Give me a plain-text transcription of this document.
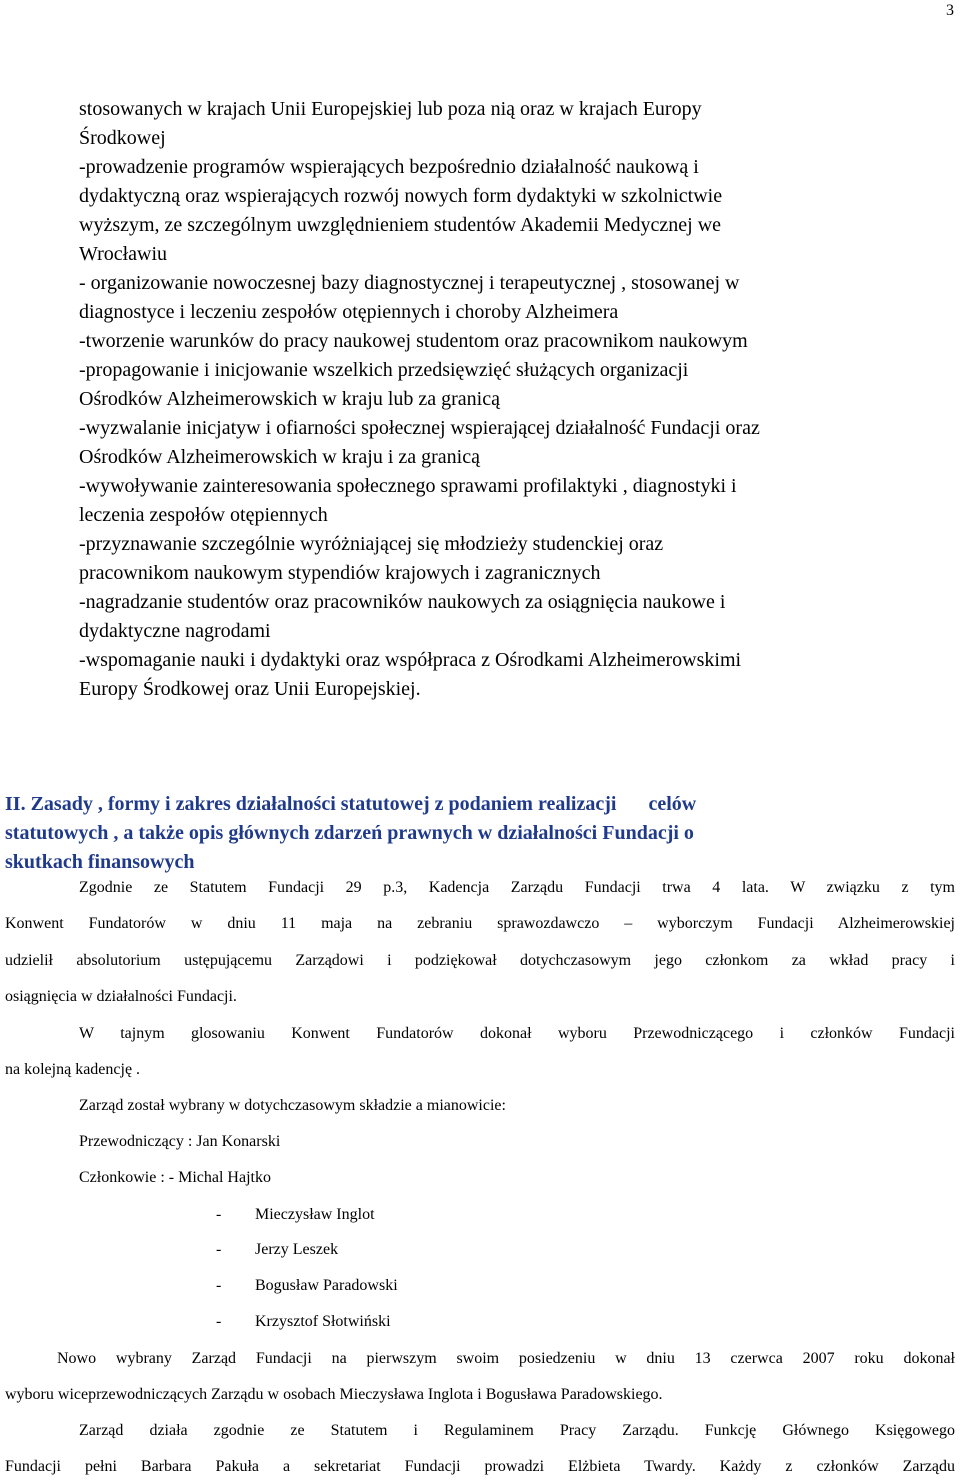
3
stosowanych w krajach Unii Europejskiej lub poza nią oraz w krajach Europy
Środkowej
-prowadzenie programów wspierających bezpośrednio działalność naukową i
dydaktyczną oraz wspierających rozwój nowych form dydaktyki w szkolnictwie
wyższym, ze szczególnym uwzględnieniem studentów Akademii Medycznej we
Wrocławiu
- organizowanie nowoczesnej bazy diagnostycznej i terapeutycznej , stosowanej w
diagnostyce i leczeniu zespołów otępiennych i choroby Alzheimera
-tworzenie warunków do pracy naukowej studentom oraz pracownikom naukowym
-propagowanie i inicjowanie wszelkich przedsięwzięć służących organizacji
Ośrodków Alzheimerowskich w kraju lub za granicą
-wyzwalanie inicjatyw i ofiarności społecznej wspierającej działalność Fundacji oraz
Ośrodków Alzheimerowskich w kraju i za granicą
-wywoływanie zainteresowania społecznego sprawami profilaktyki , diagnostyki i
leczenia zespołów otępiennych
-przyznawanie szczególnie wyróżniającej się młodzieży studenckiej oraz
pracownikom naukowym stypendiów krajowych i zagranicznych
-nagradzanie studentów oraz pracowników naukowych za osiągnięcia naukowe i
dydaktyczne nagrodami
-wspomaganie nauki i dydaktyki oraz współpraca z Ośrodkami Alzheimerowskimi
Europy Środkowej oraz Unii Europejskiej.
II. Zasady , formy i zakres działalności statutowej z podaniem realizacji celów
statutowych , a także opis głównych zdarzeń prawnych w działalności Fundacji o
skutkach finansowych
Zgodnie ze Statutem Fundacji 29 p.3, Kadencja Zarządu Fundacji trwa 4 lata. W związku z tym
Konwent Fundatorów w dniu 11 maja na zebraniu sprawozdawczo – wyborczym Fundacji Alzheimerowskiej
udzielił absolutorium ustępującemu Zarządowi i podziękował dotychczasowym jego członkom za wkład pracy i
osiągnięcia w działalności Fundacji.
W tajnym glosowaniu Konwent Fundatorów dokonał wyboru Przewodniczącego i członków Fundacji
na kolejną kadencję .
Zarząd został wybrany w dotychczasowym składzie a mianowicie:
Przewodniczący : Jan Konarski
Członkowie : - Michal Hajtko
- Mieczysław Inglot
- Jerzy Leszek
- Bogusław Paradowski
- Krzysztof Słotwiński
Nowo wybrany Zarząd Fundacji na pierwszym swoim posiedzeniu w dniu 13 czerwca 2007 roku dokonał
wyboru wiceprzewodniczących Zarządu w osobach Mieczysława Inglota i Bogusława Paradowskiego.
Zarząd działa zgodnie ze Statutem i Regulaminem Pracy Zarządu. Funkcję Głównego Księgowego
Fundacji pełni Barbara Pakuła a sekretariat Fundacji prowadzi Elżbieta Twardy. Każdy z członków Zarządu
